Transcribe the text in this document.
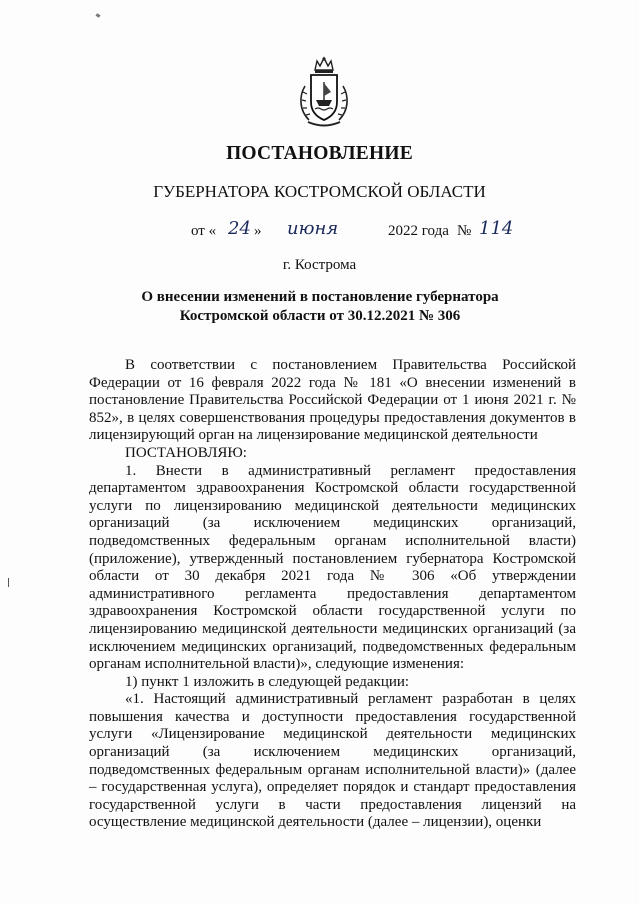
ПОСТАНОВЛЕНИЕ
ГУБЕРНАТОРА КОСТРОМСКОЙ ОБЛАСТИ
от « 24 » июня	2022 года № 114
г. Кострома
О внесении изменений в постановление губернатора
Костромской области от 30.12.2021 № 306

В соответствии с постановлением Правительства Российской Федерации от 16 февраля 2022 года № 181 «О внесении изменений в постановление Правительства Российской Федерации от 1 июня 2021 г. № 852», в целях совершенствования процедуры предоставления документов в лицензирующий орган на лицензирование медицинской деятельности

ПОСТАНОВЛЯЮ:

1. Внести в административный регламент предоставления департаментом здравоохранения Костромской области государственной услуги по лицензированию медицинской деятельности медицинских организаций (за исключением медицинских организаций, подведомственных федеральным органам исполнительной власти) (приложение), утвержденный постановлением губернатора Костромской области от 30 декабря 2021 года № 306 «Об утверждении административного регламента предоставления департаментом здравоохранения Костромской области государственной услуги по лицензированию медицинской деятельности медицинских организаций (за исключением медицинских организаций, подведомственных федеральным органам исполнительной власти)», следующие изменения:

1) пункт 1 изложить в следующей редакции:

«1. Настоящий административный регламент разработан в целях повышения качества и доступности предоставления государственной услуги «Лицензирование медицинской деятельности медицинских организаций (за исключением медицинских организаций, подведомственных федеральным органам исполнительной власти)» (далее – государственная услуга), определяет порядок и стандарт предоставления государственной услуги в части предоставления лицензий на осуществление медицинской деятельности (далее – лицензии), оценки
